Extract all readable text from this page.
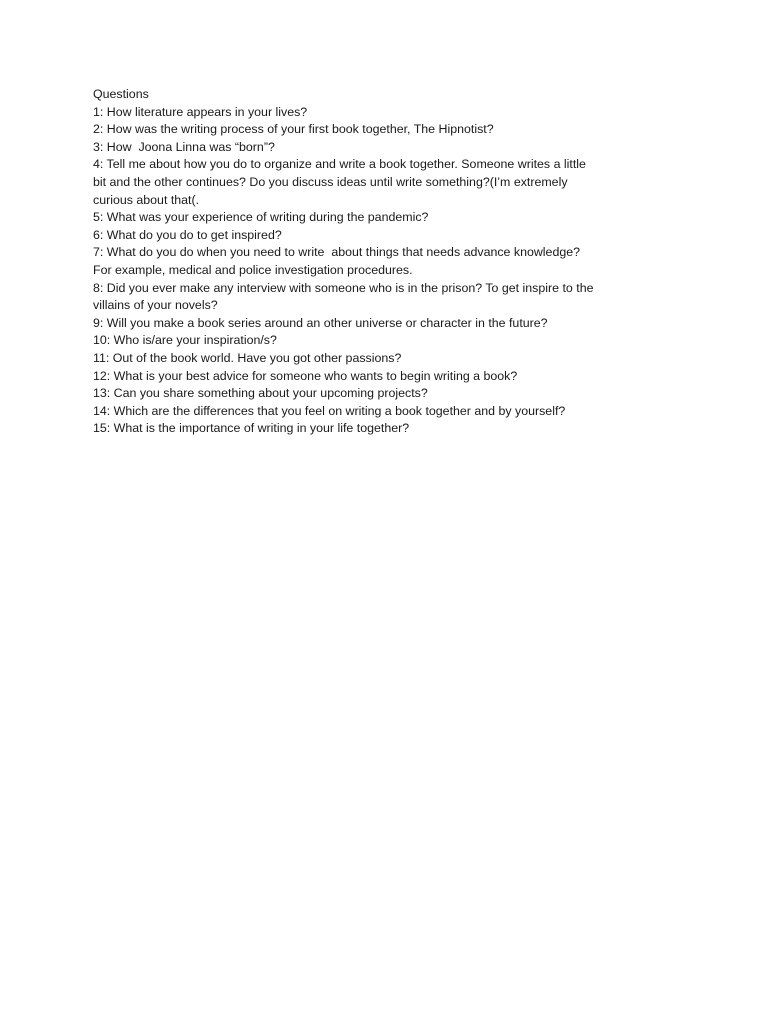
Questions
1: How literature appears in your lives?
2: How was the writing process of your first book together, The Hipnotist?
3: How  Joona Linna was “born”?
4: Tell me about how you do to organize and write a book together. Someone writes a little
bit and the other continues? Do you discuss ideas until write something?(I’m extremely
curious about that(.
5: What was your experience of writing during the pandemic?
6: What do you do to get inspired?
7: What do you do when you need to write  about things that needs advance knowledge?
For example, medical and police investigation procedures.
8: Did you ever make any interview with someone who is in the prison? To get inspire to the
villains of your novels?
9: Will you make a book series around an other universe or character in the future?
10: Who is/are your inspiration/s?
11: Out of the book world. Have you got other passions?
12: What is your best advice for someone who wants to begin writing a book?
13: Can you share something about your upcoming projects?
14: Which are the differences that you feel on writing a book together and by yourself?
15: What is the importance of writing in your life together?
